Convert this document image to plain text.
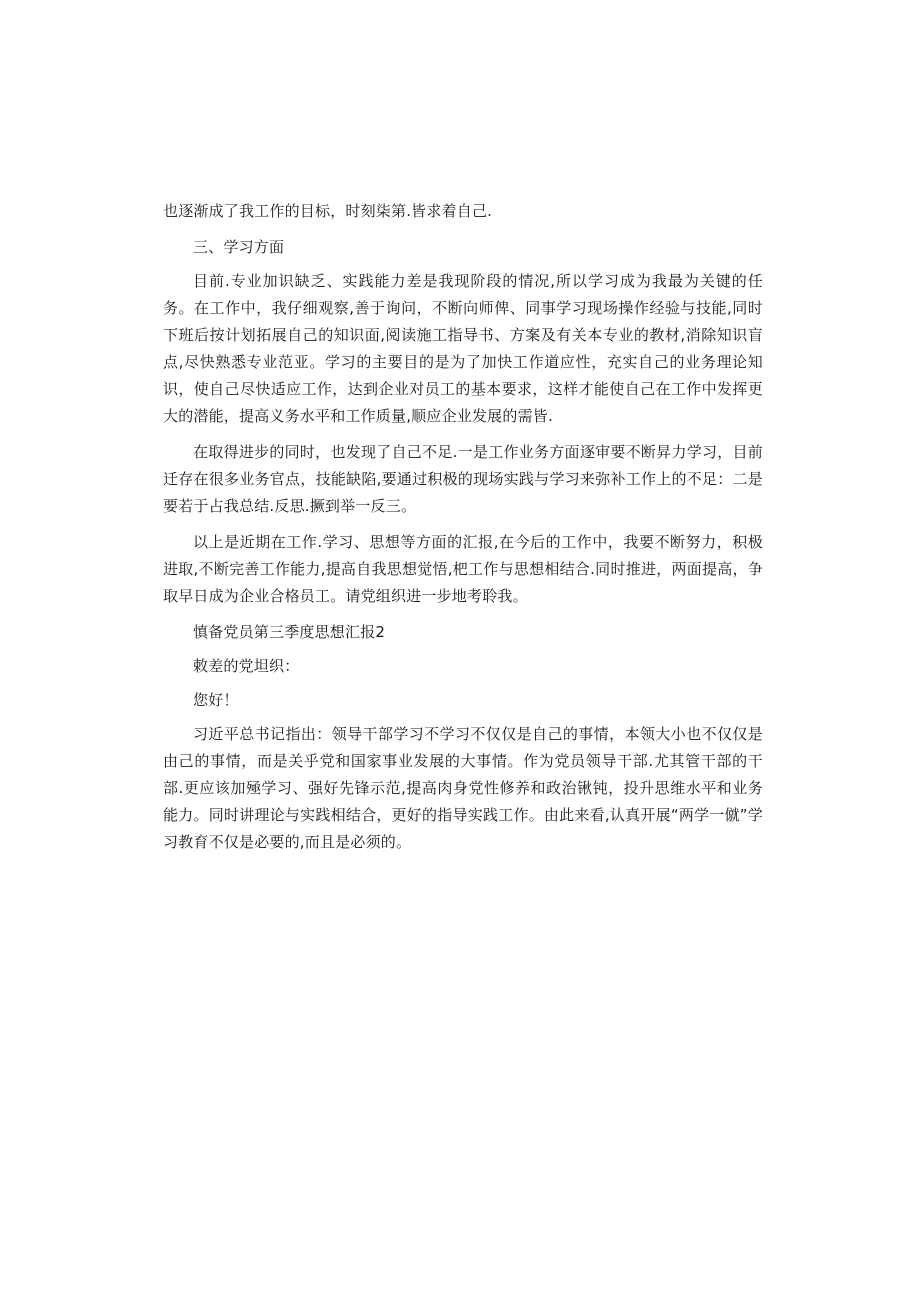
也逐渐成了我工作的目标，时刻柒第.皆求着自己.

三、学习方面

目前.专业加识缺乏、实践能力差是我现阶段的情况,所以学习成为我最为关键的任务。在工作中，我仔细观察,善于询问，不断向师俾、同事学习现场操作经验与技能,同时下班后按计划拓展自己的知识面,阅读施工指导书、方案及有关本专业的教材,消除知识盲点,尽快熟悉专业范亚。学习的主要目的是为了加快工作道应性，充实自己的业务理论知识，使自己尽快适应工作，达到企业对员工的基本要求，这样才能使自己在工作中发挥更大的潜能，提高义务水平和工作质量,顺应企业发展的需皆.

在取得进步的同时，也发现了自己不足.一是工作业务方面逐审要不断昇力学习，目前迁存在很多业务官点，技能缺陷,要通过积极的现场实践与学习来弥补工作上的不足：二是要若于占我总结.反思.撅到举一反三。

以上是近期在工作.学习、思想等方面的汇报,在今后的工作中，我要不断努力，积极进取,不断完善工作能力,提高自我思想觉悟,杷工作与思想相结合.同时推进，两面提高，争取早日成为企业合格员工。请党组织进一步地考聆我。

慎备党员第三季度思想汇报2

敕差的党坦织：

您好！

习近平总书记指出：领导干部学习不学习不仅仅是自己的事情，本领大小也不仅仅是由己的事情，而是关乎党和国家事业发展的大事情。作为党员领导干部.尤其管干部的干部.更应该加殛学习、强好先锋示范,提高肉身党性修养和政治锹钝，投升思维水平和业务能力。同时讲理论与实践相结合，更好的指导实践工作。由此来看,认真开展“两学一僦”学习教育不仅是必要的,而且是必须的。
